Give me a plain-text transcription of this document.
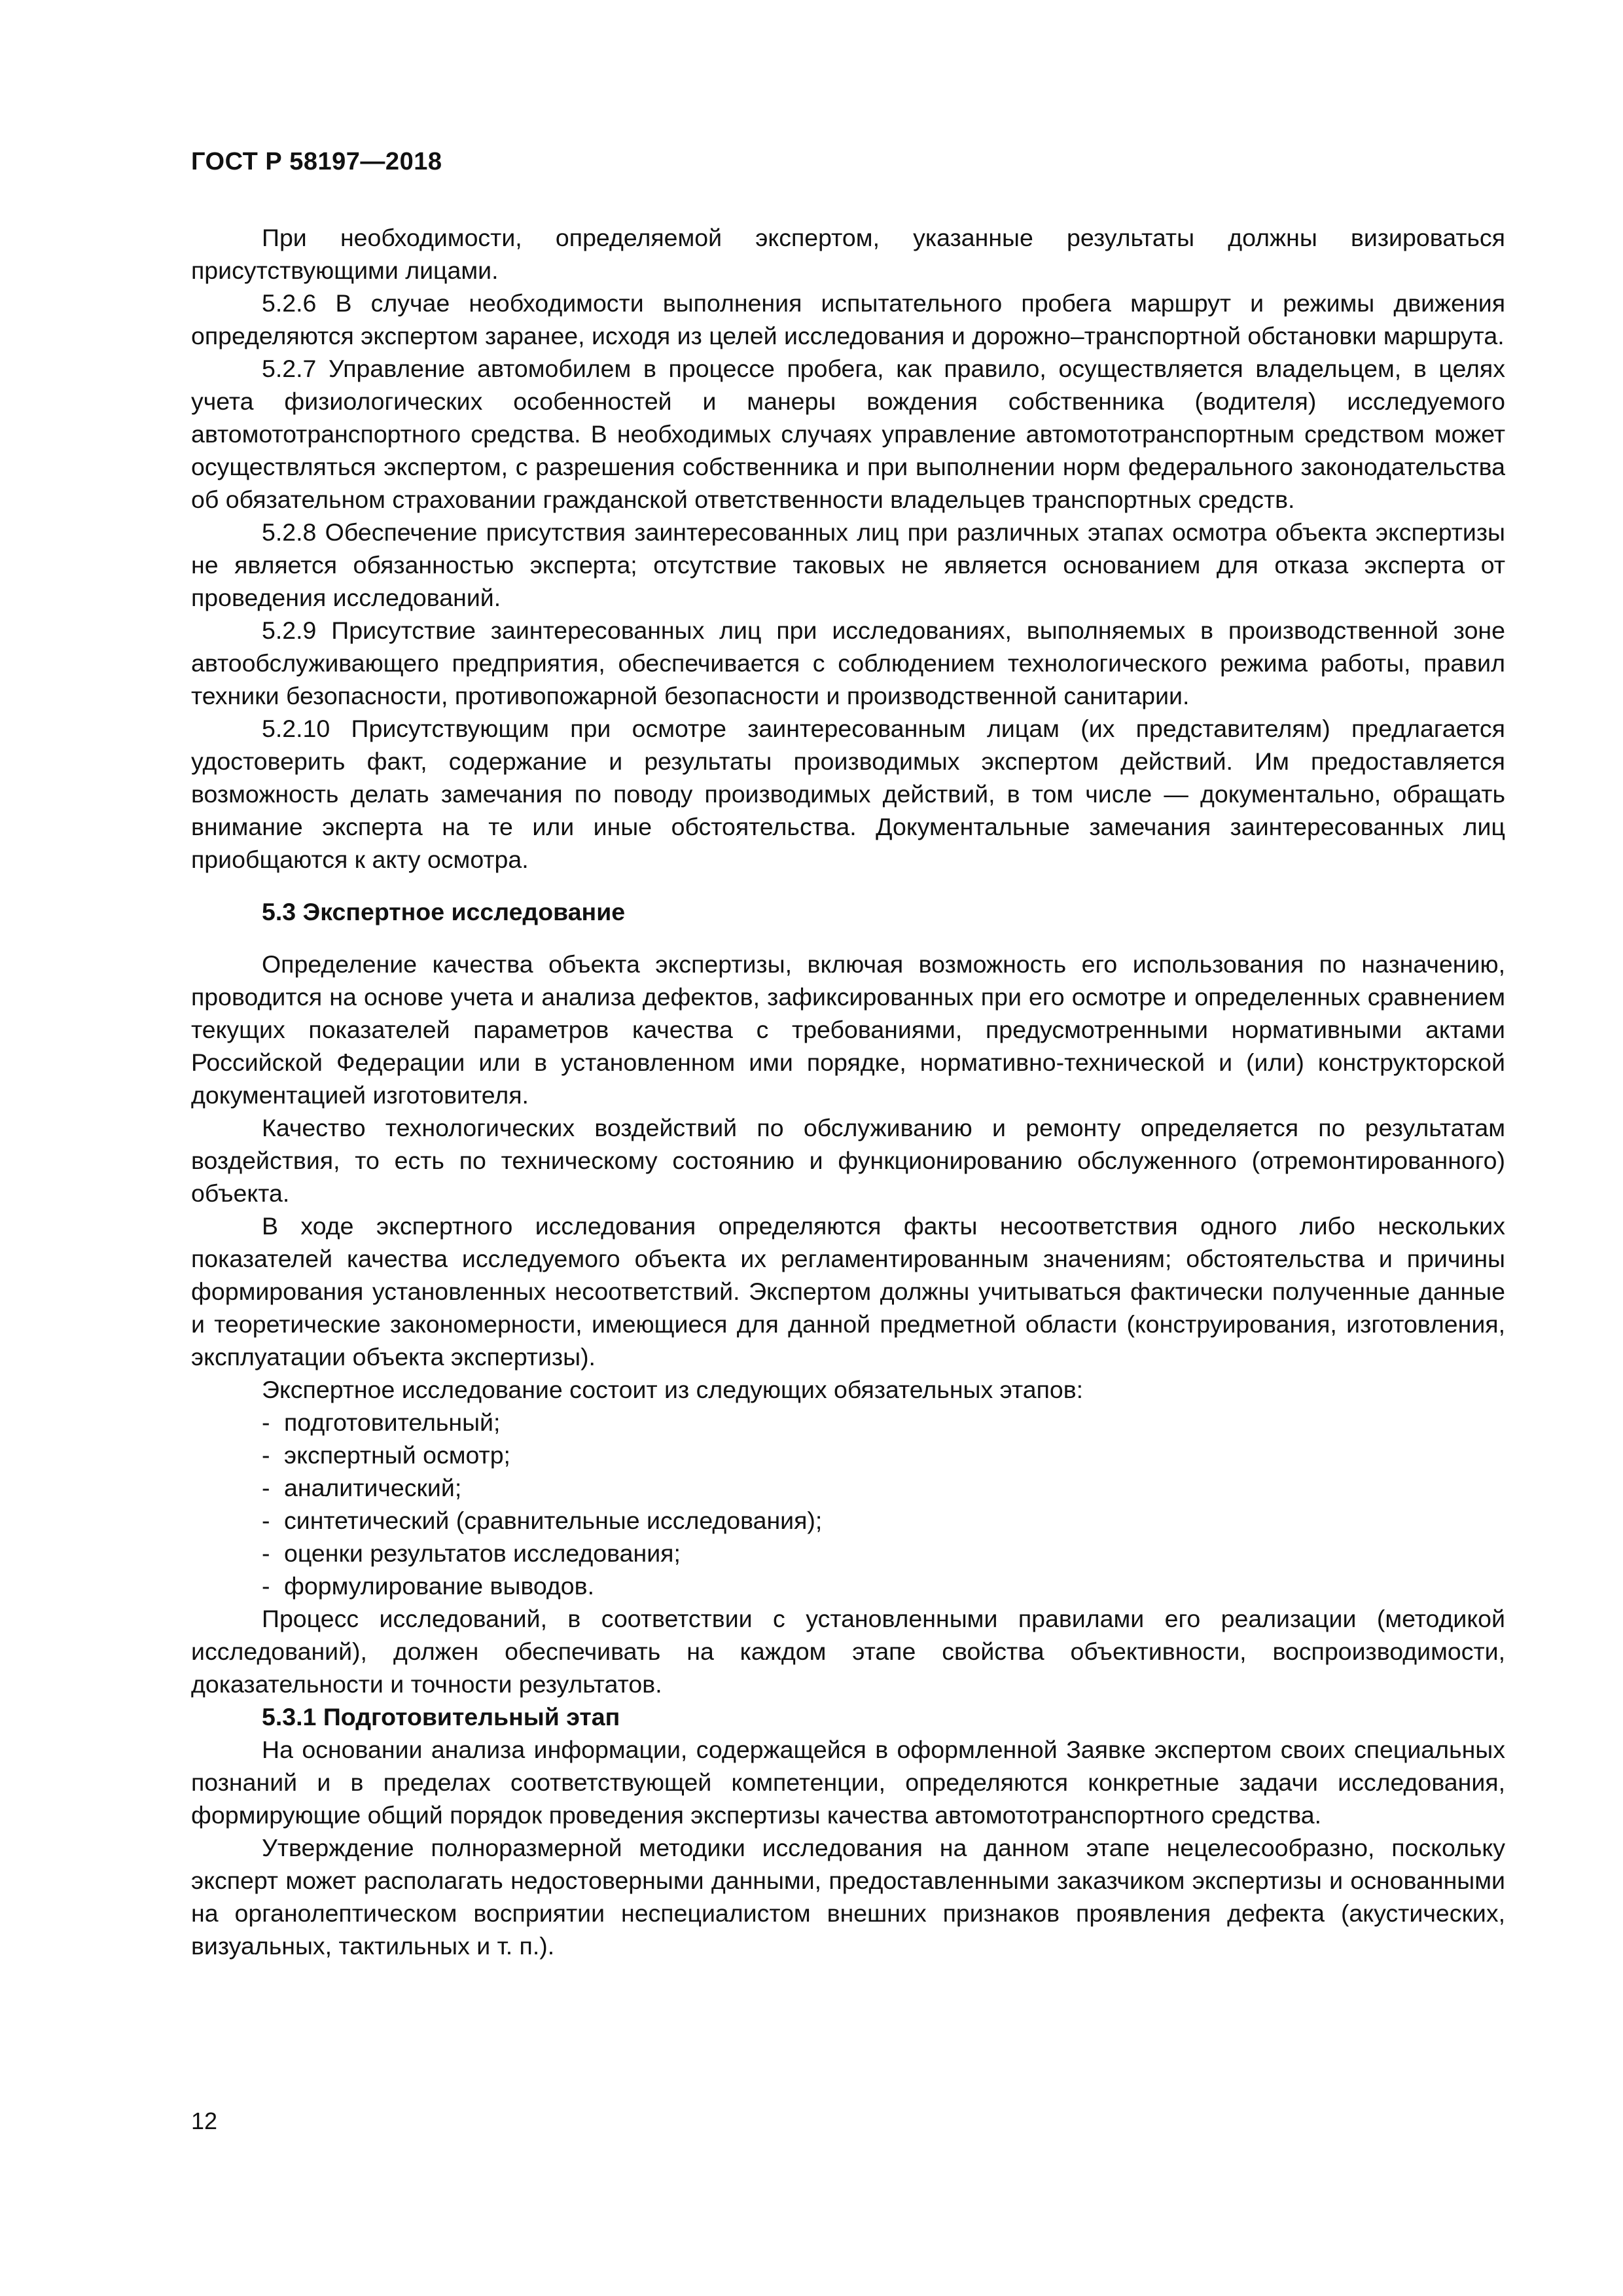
ГОСТ Р 58197—2018

При необходимости, определяемой экспертом, указанные результаты должны визироваться присутствующими лицами.

5.2.6 В случае необходимости выполнения испытательного пробега маршрут и режимы движения определяются экспертом заранее, исходя из целей исследования и дорожно–транспортной обстановки маршрута.

5.2.7 Управление автомобилем в процессе пробега, как правило, осуществляется владельцем, в целях учета физиологических особенностей и манеры вождения собственника (водителя) исследуемого автомототранспортного средства. В необходимых случаях управление автомототранспортным средством может осуществляться экспертом, с разрешения собственника и при выполнении норм федерального законодательства об обязательном страховании гражданской ответственности владельцев транспортных средств.

5.2.8 Обеспечение присутствия заинтересованных лиц при различных этапах осмотра объекта экспертизы не является обязанностью эксперта; отсутствие таковых не является основанием для отказа эксперта от проведения исследований.

5.2.9 Присутствие заинтересованных лиц при исследованиях, выполняемых в производственной зоне автообслуживающего предприятия, обеспечивается с соблюдением технологического режима работы, правил техники безопасности, противопожарной безопасности и производственной санитарии.

5.2.10 Присутствующим при осмотре заинтересованным лицам (их представителям) предлагается удостоверить факт, содержание и результаты производимых экспертом действий. Им предоставляется возможность делать замечания по поводу производимых действий, в том числе — документально, обращать внимание эксперта на те или иные обстоятельства. Документальные замечания заинтересованных лиц приобщаются к акту осмотра.

5.3 Экспертное исследование

Определение качества объекта экспертизы, включая возможность его использования по назначению, проводится на основе учета и анализа дефектов, зафиксированных при его осмотре и определенных сравнением текущих показателей параметров качества с требованиями, предусмотренными нормативными актами Российской Федерации или в установленном ими порядке, нормативно-технической и (или) конструкторской документацией изготовителя.

Качество технологических воздействий по обслуживанию и ремонту определяется по результатам воздействия, то есть по техническому состоянию и функционированию обслуженного (отремонтированного) объекта.

В ходе экспертного исследования определяются факты несоответствия одного либо нескольких показателей качества исследуемого объекта их регламентированным значениям; обстоятельства и причины формирования установленных несоответствий. Экспертом должны учитываться фактически полученные данные и теоретические закономерности, имеющиеся для данной предметной области (конструирования, изготовления, эксплуатации объекта экспертизы).

Экспертное исследование состоит из следующих обязательных этапов:

- подготовительный;
- экспертный осмотр;
- аналитический;
- синтетический (сравнительные исследования);
- оценки результатов исследования;
- формулирование выводов.

Процесс исследований, в соответствии с установленными правилами его реализации (методикой исследований), должен обеспечивать на каждом этапе свойства объективности, воспроизводимости, доказательности и точности результатов.

5.3.1 Подготовительный этап

На основании анализа информации, содержащейся в оформленной Заявке экспертом своих специальных познаний и в пределах соответствующей компетенции, определяются конкретные задачи исследования, формирующие общий порядок проведения экспертизы качества автомототранспортного средства.

Утверждение полноразмерной методики исследования на данном этапе нецелесообразно, поскольку эксперт может располагать недостоверными данными, предоставленными заказчиком экспертизы и основанными на органолептическом восприятии неспециалистом внешних признаков проявления дефекта (акустических, визуальных, тактильных и т. п.).

12
